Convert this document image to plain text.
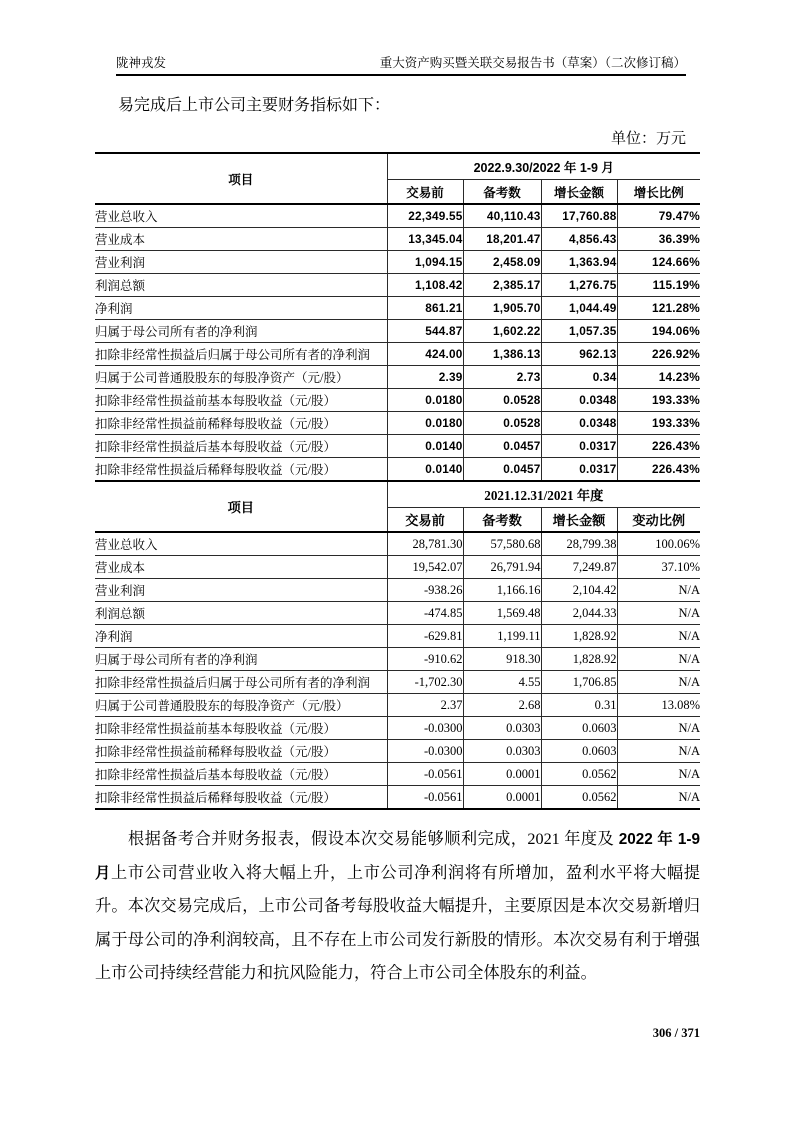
陇神戎发	重大资产购买暨关联交易报告书（草案）（二次修订稿）

易完成后上市公司主要财务指标如下：

单位：万元
项目	2022.9.30/2022 年 1-9 月			
	交易前	备考数	增长金额	增长比例
营业总收入	22,349.55	40,110.43	17,760.88	79.47%
营业成本	13,345.04	18,201.47	4,856.43	36.39%
营业利润	1,094.15	2,458.09	1,363.94	124.66%
利润总额	1,108.42	2,385.17	1,276.75	115.19%
净利润	861.21	1,905.70	1,044.49	121.28%
归属于母公司所有者的净利润	544.87	1,602.22	1,057.35	194.06%
扣除非经常性损益后归属于母公司所有者的净利润	424.00	1,386.13	962.13	226.92%
归属于公司普通股股东的每股净资产（元/股）	2.39	2.73	0.34	14.23%
扣除非经常性损益前基本每股收益（元/股）	0.0180	0.0528	0.0348	193.33%
扣除非经常性损益前稀释每股收益（元/股）	0.0180	0.0528	0.0348	193.33%
扣除非经常性损益后基本每股收益（元/股）	0.0140	0.0457	0.0317	226.43%
扣除非经常性损益后稀释每股收益（元/股）	0.0140	0.0457	0.0317	226.43%
项目	2021.12.31/2021 年度			
	交易前	备考数	增长金额	变动比例
营业总收入	28,781.30	57,580.68	28,799.38	100.06%
营业成本	19,542.07	26,791.94	7,249.87	37.10%
营业利润	-938.26	1,166.16	2,104.42	N/A
利润总额	-474.85	1,569.48	2,044.33	N/A
净利润	-629.81	1,199.11	1,828.92	N/A
归属于母公司所有者的净利润	-910.62	918.30	1,828.92	N/A
扣除非经常性损益后归属于母公司所有者的净利润	-1,702.30	4.55	1,706.85	N/A
归属于公司普通股股东的每股净资产（元/股）	2.37	2.68	0.31	13.08%
扣除非经常性损益前基本每股收益（元/股）	-0.0300	0.0303	0.0603	N/A
扣除非经常性损益前稀释每股收益（元/股）	-0.0300	0.0303	0.0603	N/A
扣除非经常性损益后基本每股收益（元/股）	-0.0561	0.0001	0.0562	N/A
扣除非经常性损益后稀释每股收益（元/股）	-0.0561	0.0001	0.0562	N/A

根据备考合并财务报表，假设本次交易能够顺利完成，2021 年度及 2022 年 1-9 月上市公司营业收入将大幅上升，上市公司净利润将有所增加，盈利水平将大幅提升。本次交易完成后，上市公司备考每股收益大幅提升，主要原因是本次交易新增归属于母公司的净利润较高，且不存在上市公司发行新股的情形。本次交易有利于增强上市公司持续经营能力和抗风险能力，符合上市公司全体股东的利益。

306 / 371
